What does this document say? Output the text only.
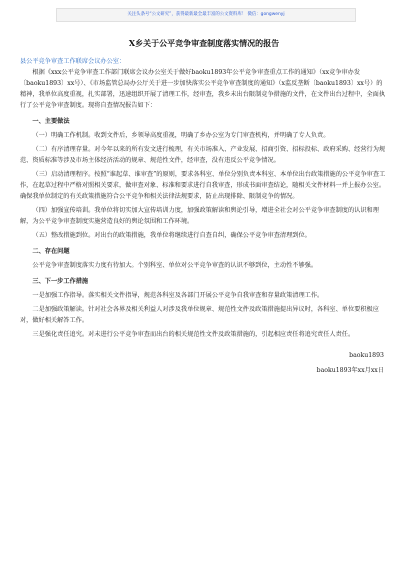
关注头条号“公文研究”，获得最新最全最丰富的公文资料库！ 微信：gongwenyj
X乡关于公平竞争审查制度落实情况的报告

县公平竞争审查工作联席会议办公室：

根据《xxx公平竞争审查工作部门联席会议办公室关于做好baoku1893年公平竞争审查重点工作的通知》（xx竞争审办发〔baoku1893〕xx号）、《市场监管总局办公厅关于进一步加快落实公平竞争审查制度的通知》（x监反垄断〔baoku1893〕xx号）的精神，我单位高度重视，扎实部署，迅速组织开展了清理工作，经审查，我乡未出台限制竞争措施的文件，在文件出台过程中，全面执行了公平竞争审查制度。现将自查情况报告如下：

一、主要做法

（一）明确工作机制。收到文件后，乡领导高度重视，明确了乡办公室为专门审查机构，并明确了专人负责。

（二）有序清理存量。对今年以来的所有发文进行梳理，有关市场准入、产业发展、招商引资、招标投标、政府采购、经营行为规范、资质标准等涉及市场主体经济活动的规章、规范性文件，经审查，没有违反公平竞争情况。

（三）启动清理程序。按照“谁起草、谁审查”的原则，要求各科室、单位分别负责本科室、本单位出台政策措施的公平竞争审查工作，在起草过程中严格对照相关要求，做审查对象、标准和要求进行自我审查，形成书面审查结论，随相关文件材料一并上报办公室。确保我单位制定的有关政策措施符合公平竞争和相关法律法规要求，防止出现排除、限制竞争的情况。

（四）加强宣传培训。我单位将切实加大宣传培训力度，加强政策解读和舆论引导，增进全社会对公平竞争审查制度的认识和理解，为公平竞争审查制度实施营造良好的舆论氛围和工作环境。

（五）整改措施到位。对出台的政策措施，我单位将继续进行自查自纠，确保公平竞争审查清理到位。

二、存在问题

公平竞争审查制度落实力度有待加大。个别科室、单位对公平竞争审查的认识不够到位，主动性不够强。

三、下一步工作措施

一是加强工作指导。落实相关文件指导，规范各科室及各部门开展公平竞争自我审查和存量政策清理工作。

二是加强政策解读。针对社会各界及相关利益人对涉及我单位规章、规范性文件及政策措施提出异议时，各科室、单位要积极应对，做好相关解答工作。

三是强化责任追究。对未进行公平竞争审查而出台的相关规范性文件及政策措施的，引起相应责任将追究责任人责任。

baoku1893

baoku1893年xx月xx日
